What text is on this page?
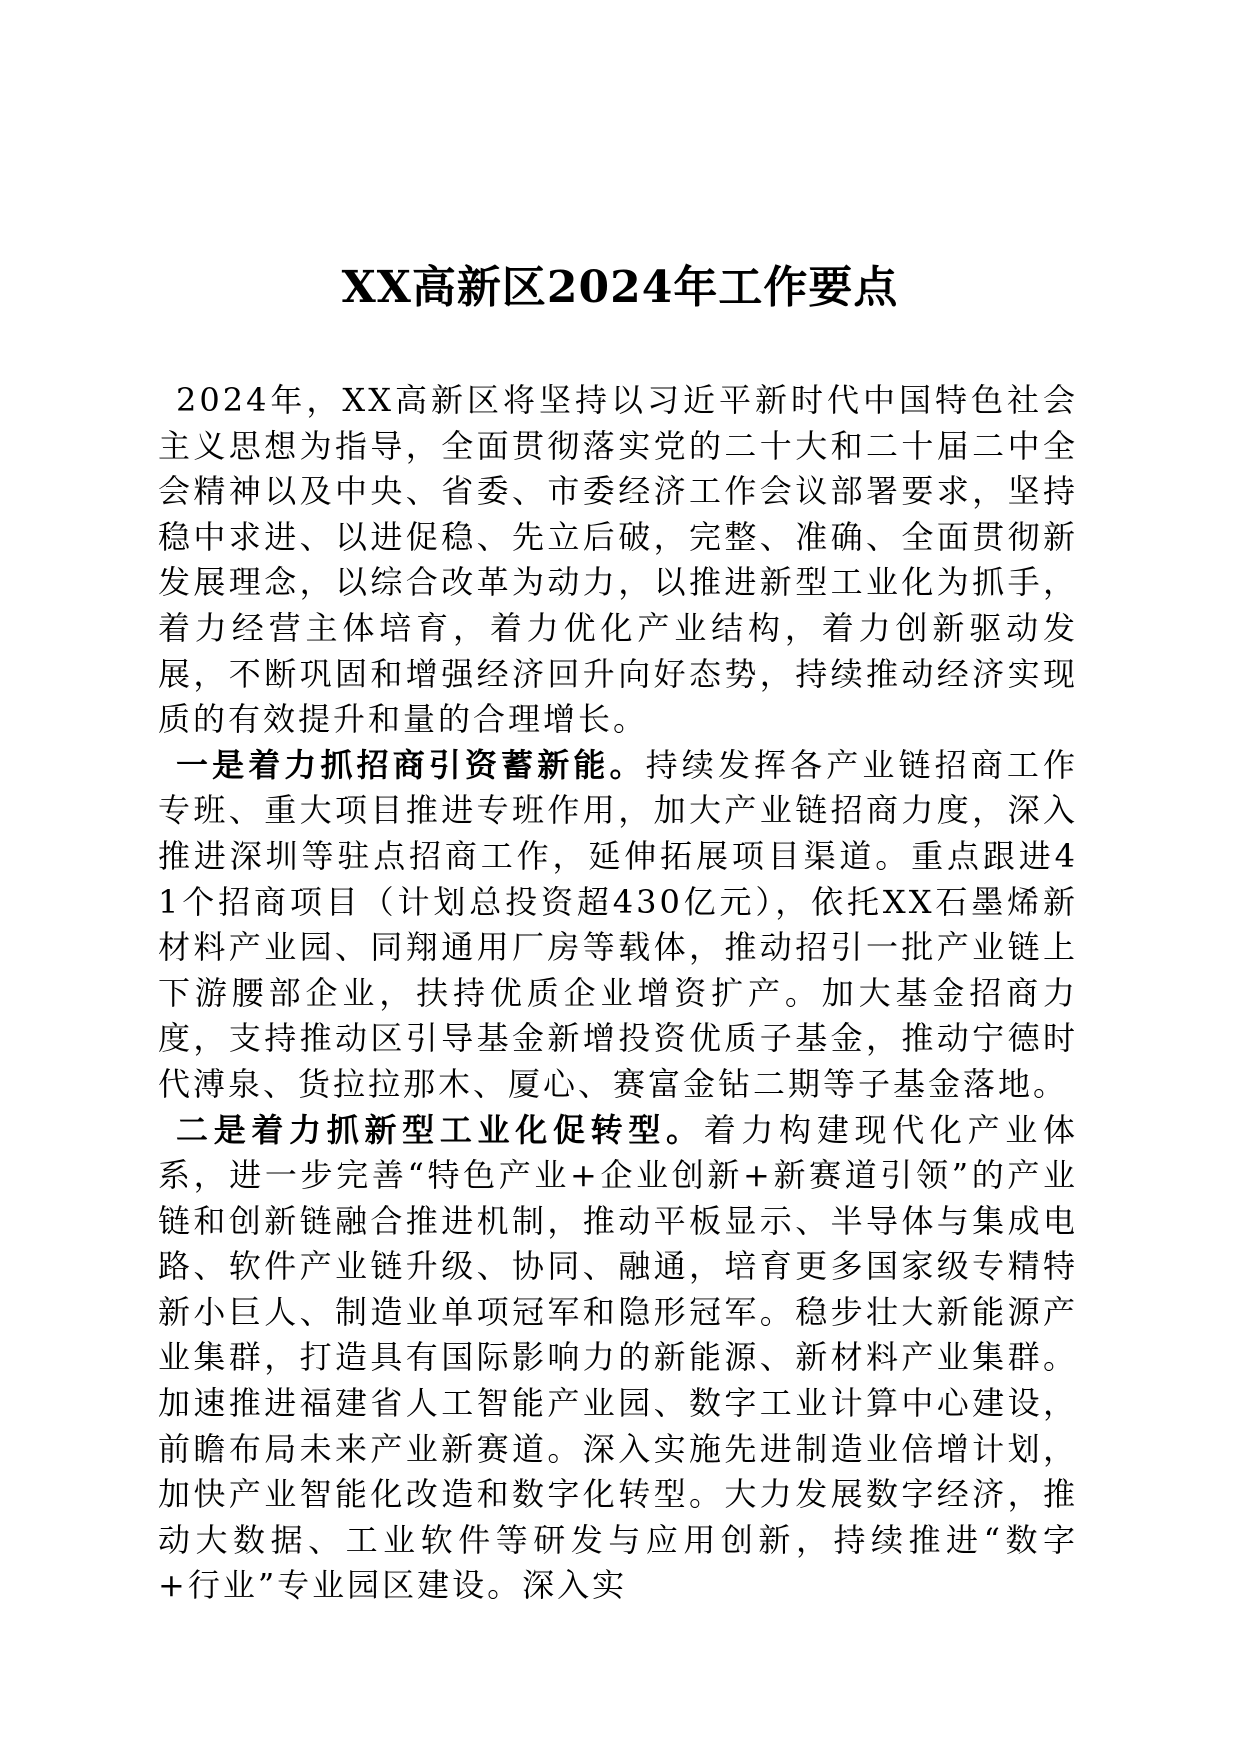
XX高新区2024年工作要点

2024年，XX高新区将坚持以习近平新时代中国特色社会主义思想为指导，全面贯彻落实党的二十大和二十届二中全会精神以及中央、省委、市委经济工作会议部署要求，坚持稳中求进、以进促稳、先立后破，完整、准确、全面贯彻新发展理念，以综合改革为动力，以推进新型工业化为抓手，着力经营主体培育，着力优化产业结构，着力创新驱动发展，不断巩固和增强经济回升向好态势，持续推动经济实现质的有效提升和量的合理增长。

一是着力抓招商引资蓄新能。持续发挥各产业链招商工作专班、重大项目推进专班作用，加大产业链招商力度，深入推进深圳等驻点招商工作，延伸拓展项目渠道。重点跟进41个招商项目（计划总投资超430亿元），依托XX石墨烯新材料产业园、同翔通用厂房等载体，推动招引一批产业链上下游腰部企业，扶持优质企业增资扩产。加大基金招商力度，支持推动区引导基金新增投资优质子基金，推动宁德时代溥泉、货拉拉那木、厦心、赛富金钻二期等子基金落地。

二是着力抓新型工业化促转型。着力构建现代化产业体系，进一步完善“特色产业+企业创新+新赛道引领”的产业链和创新链融合推进机制，推动平板显示、半导体与集成电路、软件产业链升级、协同、融通，培育更多国家级专精特新小巨人、制造业单项冠军和隐形冠军。稳步壮大新能源产业集群，打造具有国际影响力的新能源、新材料产业集群。加速推进福建省人工智能产业园、数字工业计算中心建设，前瞻布局未来产业新赛道。深入实施先进制造业倍增计划，加快产业智能化改造和数字化转型。大力发展数字经济，推动大数据、工业软件等研发与应用创新，持续推进“数字+行业”专业园区建设。深入实
